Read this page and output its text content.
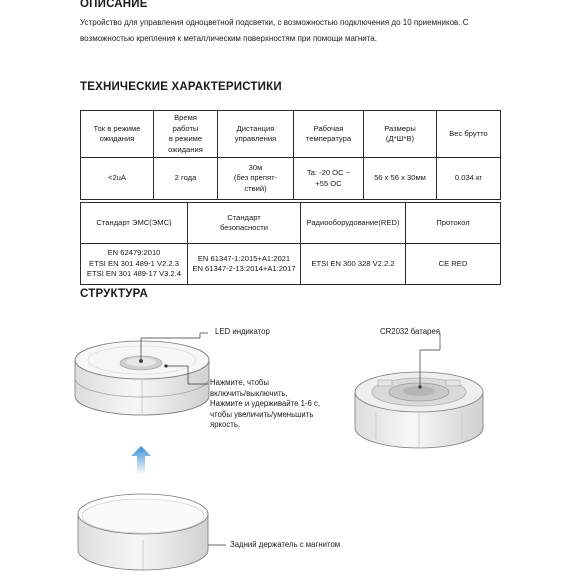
ОПИСАНИЕ

Устройство для управления одноцветной подсветки, с возможностью подключения до 10 приемников. С возможностью крепления к металлическим поверхностям при помощи магнита.

ТЕХНИЧЕСКИЕ ХАРАКТЕРИСТИКИ
Ток в режиме
ожидания	Время
работы
в режиме
ожидания	Дистанция
управления	Рабочая
температура	Размеры
(Д*Ш*В)	Вес брутто
<2uA	2 года	30м
(без препят-
ствий)	Ta: -20 OC ~
+55 OC	56 x 56 x 30мм	0.034 кг
Стандарт ЭМС(ЭМС)	Стандарт
безопасности	Радиооборудование(RED)	Протокол
EN 62479:2010
ETSI EN 301 489-1 V2.2.3
ETSI EN 301 489-17 V3.2.4	EN 61347-1:2015+A1:2021
EN 61347-2-13:2014+A1:2017	ETSI EN 300 328 V2.2.2	CE RED
СТРУКТУРА
LED индикатор	CR2032 батарея
Нажмите, чтобы
включить/выключить,
Нажмите и удерживайте 1-6 с,
чтобы увеличить/уменьшить
яркость.
Задний держатель с магнитом
